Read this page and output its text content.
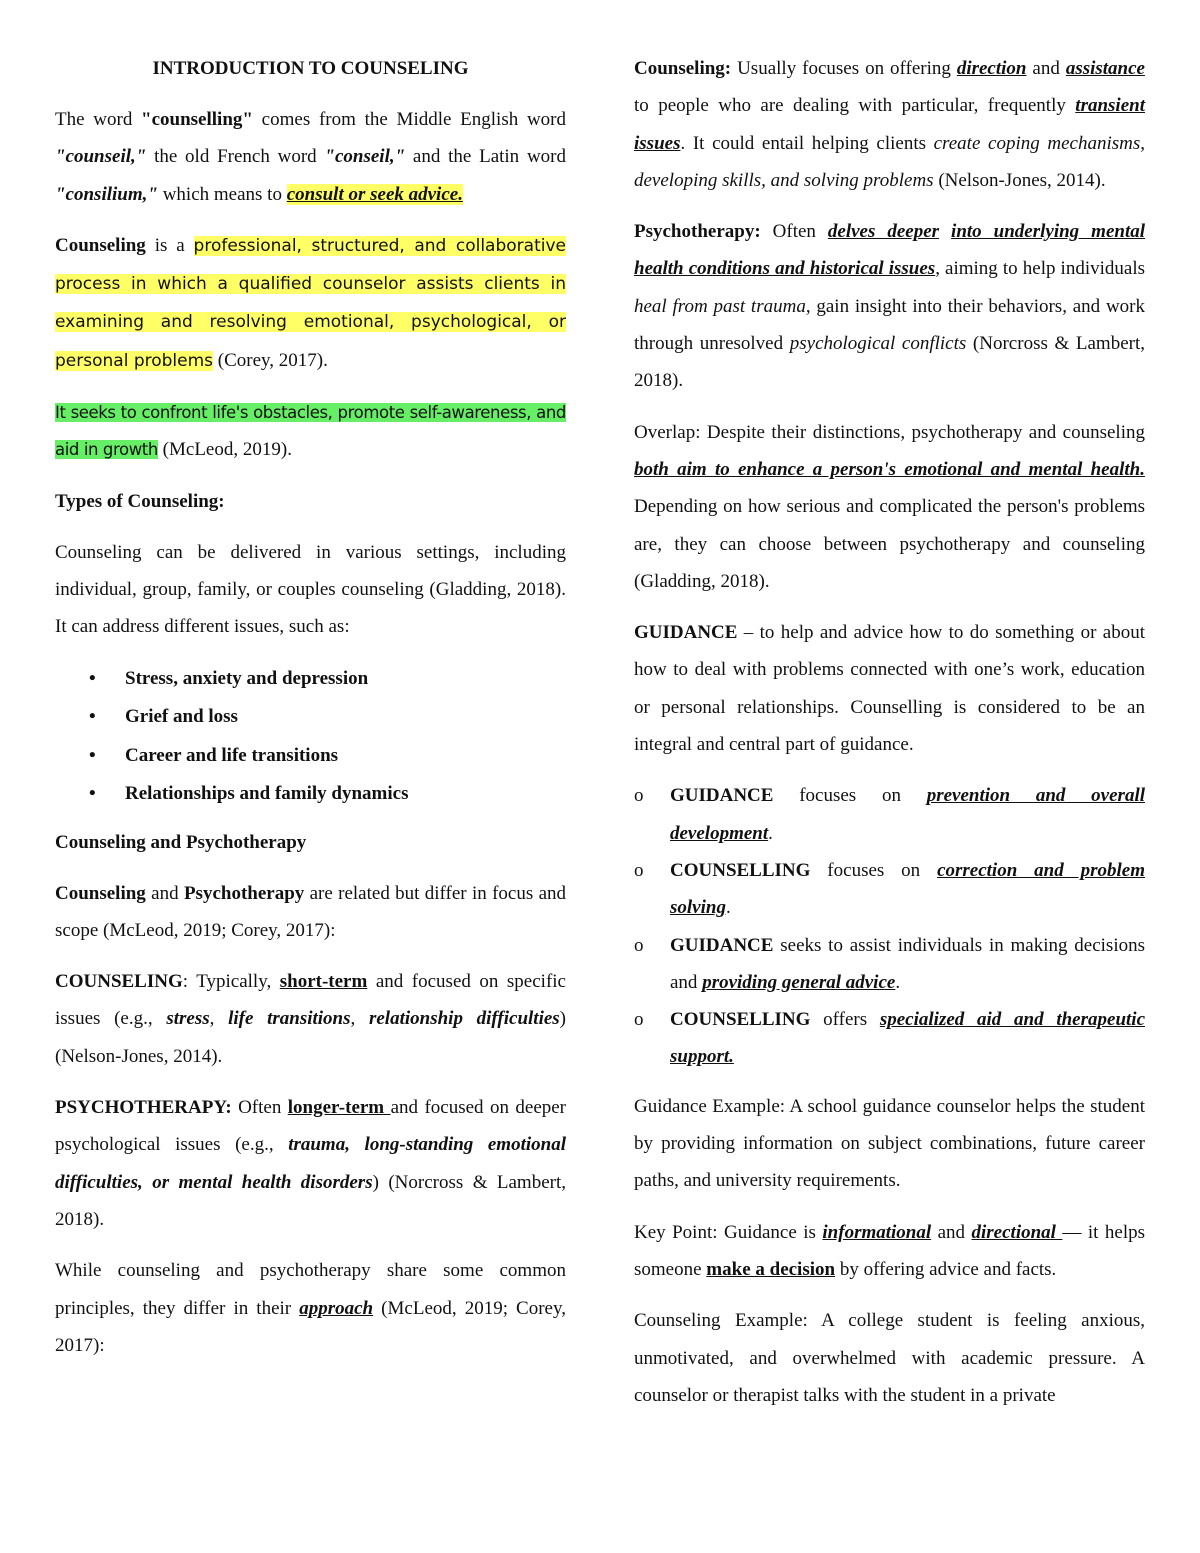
INTRODUCTION TO COUNSELING

The word "counselling" comes from the Middle English word "counseil," the old French word "conseil," and the Latin word "consilium," which means to consult or seek advice.

Counseling is a professional, structured, and collaborative process in which a qualified counselor assists clients in examining and resolving emotional, psychological, or personal problems (Corey, 2017).

It seeks to confront life's obstacles, promote self-awareness, and aid in growth (McLeod, 2019).

Types of Counseling:

Counseling can be delivered in various settings, including individual, group, family, or couples counseling (Gladding, 2018). It can address different issues, such as:

• Stress, anxiety and depression
• Grief and loss
• Career and life transitions
• Relationships and family dynamics
Counseling and Psychotherapy

Counseling and Psychotherapy are related but differ in focus and scope (McLeod, 2019; Corey, 2017):

COUNSELING: Typically, short-term and focused on specific issues (e.g., stress, life transitions, relationship difficulties) (Nelson-Jones, 2014).

PSYCHOTHERAPY: Often longer-term and focused on deeper psychological issues (e.g., trauma, long-standing emotional difficulties, or mental health disorders) (Norcross & Lambert, 2018).

While counseling and psychotherapy share some common principles, they differ in their approach (McLeod, 2019; Corey, 2017):

Counseling: Usually focuses on offering direction and assistance to people who are dealing with particular, frequently transient issues. It could entail helping clients create coping mechanisms, developing skills, and solving problems (Nelson-Jones, 2014).

Psychotherapy: Often delves deeper into underlying mental health conditions and historical issues, aiming to help individuals heal from past trauma, gain insight into their behaviors, and work through unresolved psychological conflicts (Norcross & Lambert, 2018).

Overlap: Despite their distinctions, psychotherapy and counseling both aim to enhance a person's emotional and mental health. Depending on how serious and complicated the person's problems are, they can choose between psychotherapy and counseling (Gladding, 2018).

GUIDANCE – to help and advice how to do something or about how to deal with problems connected with one’s work, education or personal relationships. Counselling is considered to be an integral and central part of guidance.

o GUIDANCE focuses on prevention and overall development.
o COUNSELLING focuses on correction and problem solving.
o GUIDANCE seeks to assist individuals in making decisions and providing general advice.
o COUNSELLING offers specialized aid and therapeutic support.

Guidance Example: A school guidance counselor helps the student by providing information on subject combinations, future career paths, and university requirements.

Key Point: Guidance is informational and directional — it helps someone make a decision by offering advice and facts.

Counseling Example: A college student is feeling anxious, unmotivated, and overwhelmed with academic pressure. A counselor or therapist talks with the student in a private
